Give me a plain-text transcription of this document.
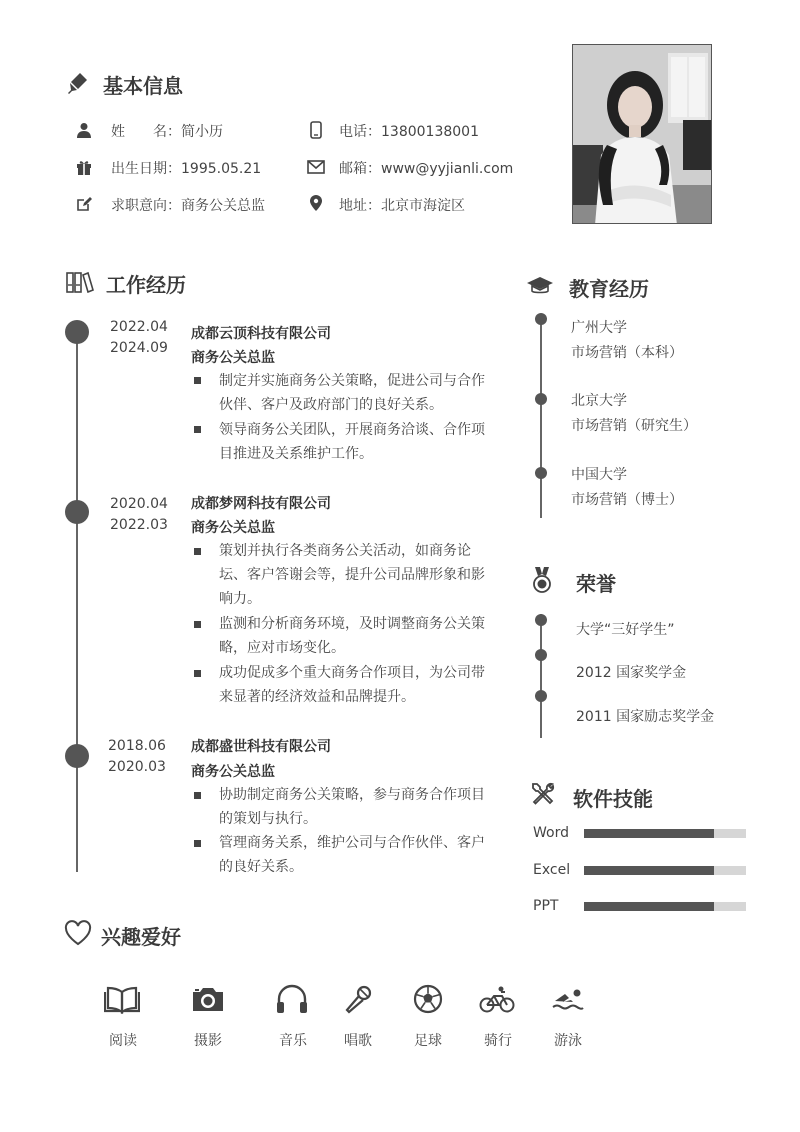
基本信息
姓　　名：简小历	电话：13800138001
出生日期：1995.05.21	邮箱：www@yyjianli.com
求职意向：商务公关总监	地址：北京市海淀区
工作经历
2022.04
2024.09
成都云顶科技有限公司
商务公关总监
制定并实施商务公关策略，促进公司与合作伙伴、客户及政府部门的良好关系。
领导商务公关团队，开展商务洽谈、合作项目推进及关系维护工作。
2020.04
2022.03
成都梦网科技有限公司
商务公关总监
策划并执行各类商务公关活动，如商务论坛、客户答谢会等，提升公司品牌形象和影响力。
监测和分析商务环境，及时调整商务公关策略，应对市场变化。
成功促成多个重大商务合作项目，为公司带来显著的经济效益和品牌提升。
2018.06
2020.03
成都盛世科技有限公司
商务公关总监
协助制定商务公关策略，参与商务合作项目的策划与执行。
管理商务关系，维护公司与合作伙伴、客户的良好关系。
教育经历
广州大学
市场营销（本科）
北京大学
市场营销（研究生）
中国大学
市场营销（博士）
荣誉
大学“三好学生”
2012 国家奖学金
2011 国家励志奖学金
软件技能
Word
Excel
PPT
兴趣爱好
阅读	摄影	音乐	唱歌	足球	骑行	游泳
